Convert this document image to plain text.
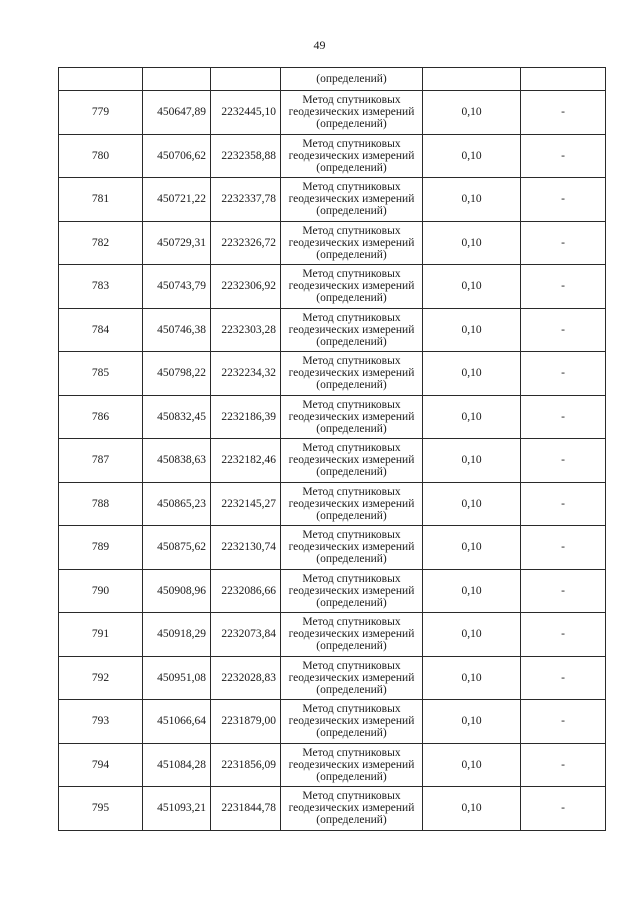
49
			(определений)		
779	450647,89	2232445,10	Метод спутниковых
геодезических измерений
(определений)	0,10	-
780	450706,62	2232358,88	Метод спутниковых
геодезических измерений
(определений)	0,10	-
781	450721,22	2232337,78	Метод спутниковых
геодезических измерений
(определений)	0,10	-
782	450729,31	2232326,72	Метод спутниковых
геодезических измерений
(определений)	0,10	-
783	450743,79	2232306,92	Метод спутниковых
геодезических измерений
(определений)	0,10	-
784	450746,38	2232303,28	Метод спутниковых
геодезических измерений
(определений)	0,10	-
785	450798,22	2232234,32	Метод спутниковых
геодезических измерений
(определений)	0,10	-
786	450832,45	2232186,39	Метод спутниковых
геодезических измерений
(определений)	0,10	-
787	450838,63	2232182,46	Метод спутниковых
геодезических измерений
(определений)	0,10	-
788	450865,23	2232145,27	Метод спутниковых
геодезических измерений
(определений)	0,10	-
789	450875,62	2232130,74	Метод спутниковых
геодезических измерений
(определений)	0,10	-
790	450908,96	2232086,66	Метод спутниковых
геодезических измерений
(определений)	0,10	-
791	450918,29	2232073,84	Метод спутниковых
геодезических измерений
(определений)	0,10	-
792	450951,08	2232028,83	Метод спутниковых
геодезических измерений
(определений)	0,10	-
793	451066,64	2231879,00	Метод спутниковых
геодезических измерений
(определений)	0,10	-
794	451084,28	2231856,09	Метод спутниковых
геодезических измерений
(определений)	0,10	-
795	451093,21	2231844,78	Метод спутниковых
геодезических измерений
(определений)	0,10	-
